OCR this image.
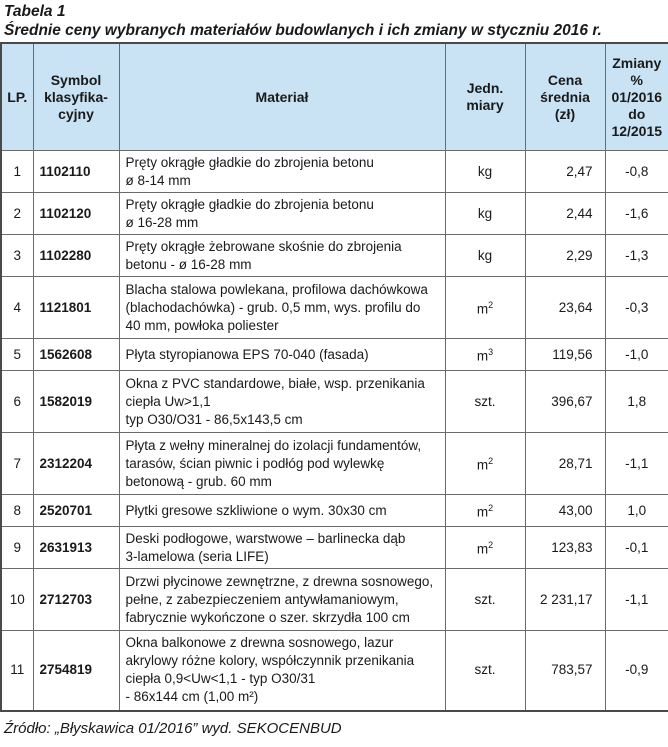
Tabela 1
Średnie ceny wybranych materiałów budowlanych i ich zmiany w styczniu 2016 r.
LP.	Symbol
klasyfika-
cyjny	Materiał	Jedn.
miary	Cena
średnia
(zł)	Zmiany
%
01/2016
do
12/2015
1	1102110	Pręty okrągłe gładkie do zbrojenia betonu
ø 8-14 mm	kg	2,47	-0,8
2	1102120	Pręty okrągłe gładkie do zbrojenia betonu
ø 16-28 mm	kg	2,44	-1,6
3	1102280	Pręty okrągłe żebrowane skośnie do zbrojenia
betonu - ø 16-28 mm	kg	2,29	-1,3
4	1121801	Blacha stalowa powlekana, profilowa dachówkowa
(blachodachówka) - grub. 0,5 mm, wys. profilu do
40 mm, powłoka poliester	$m^2$	23,64	-0,3
5	1562608	Płyta styropianowa EPS 70-040 (fasada)	$m^3$	119,56	-1,0
6	1582019	Okna z PVC standardowe, białe, wsp. przenikania
ciepła Uw>1,1
typ O30/O31 - 86,5x143,5 cm	szt.	396,67	1,8
7	2312204	Płyta z wełny mineralnej do izolacji fundamentów,
tarasów, ścian piwnic i podłóg pod wylewkę
betonową - grub. 60 mm	$m^2$	28,71	-1,1
8	2520701	Płytki gresowe szkliwione o wym. 30x30 cm	$m^2$	43,00	1,0
9	2631913	Deski podłogowe, warstwowe – barlinecka dąb
3-lamelowa (seria LIFE)	$m^2$	123,83	-0,1
10	2712703	Drzwi płycinowe zewnętrzne, z drewna sosnowego,
pełne, z zabezpieczeniem antywłamaniowym,
fabrycznie wykończone o szer. skrzydła 100 cm	szt.	2 231,17	-1,1
11	2754819	Okna balkonowe z drewna sosnowego, lazur
akrylowy różne kolory, współczynnik przenikania
ciepła 0,9<Uw<1,1 - typ O30/31
- 86x144 cm (1,00 m²)	szt.	783,57	-0,9
Źródło: „Błyskawica 01/2016” wyd. SEKOCENBUD
